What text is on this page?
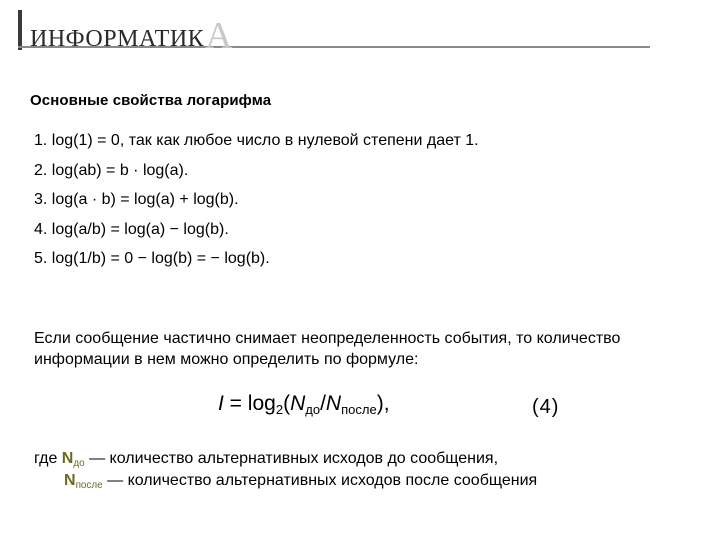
ИНФОРМАТИКА
Основные свойства логарифма
1. log(1) = 0, так как любое число в нулевой степени дает 1.
2. log(ab) = b · log(a).
3. log(a · b) = log(a) + log(b).
4. log(a/b) = log(a) − log(b).
5. log(1/b) = 0 − log(b) = − log(b).
Если сообщение частично снимает неопределенность события, то количество информации в нем можно определить по формуле:
$I = \log_2(N_{до}/N_{после})$,	(4)
где $N_{до}$ — количество альтернативных исходов до сообщения,
$N_{после}$ — количество альтернативных исходов после сообщения
